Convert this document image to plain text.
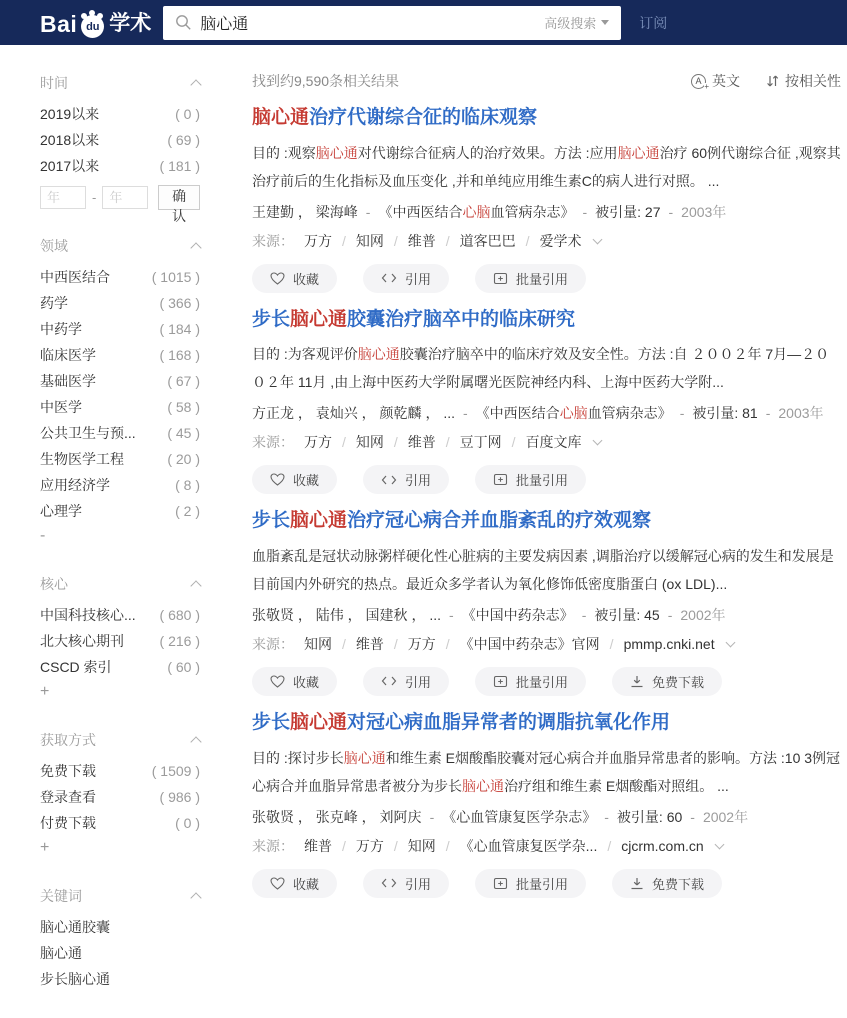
Bai du 学术
脑心通	高级搜索	订阅
时间
2019以来	( 0 )
2018以来	( 69 )
2017以来	( 181 )
年
-
年	确认
领域
中西医结合	( 1015 )
药学	( 366 )
中药学	( 184 )
临床医学	( 168 )
基础医学	( 67 )
中医学	( 58 )
公共卫生与预... ( 45 )
生物医学工程	( 20 )
应用经济学	( 8 )
心理学	( 2 )
-
核心
中国科技核心... ( 680 )
北大核心期刊	( 216 )
CSCD 索引	( 60 )
+
获取方式
免费下载	( 1509 )
登录查看	( 986 )
付费下载	( 0 )
+
关键词
脑心通胶囊
脑心通
步长脑心通
找到约9,590条相关结果	A + 英文	按相关性
脑心通治疗代谢综合征的临床观察
目的 :观察脑心通对代谢综合征病人的治疗效果。方法 :应用脑心通治疗 60例代谢综合征 ,观察其治疗前后的生化指标及血压变化 ,并和单纯应用维生素C的病人进行对照。 ...
王建勤 ， 梁海峰 - 《中西医结合心脑血管病杂志》 - 被引量: 27 - 2003年
来源： 万方 /	知网 /	维普 /	道客巴巴 /	爱学术
收藏	引用	批量引用
步长脑心通胶囊治疗脑卒中的临床研究
目的 :为客观评价脑心通胶囊治疗脑卒中的临床疗效及安全性。方法 :自 ２００２年 7月—２００２年 11月 ,由上海中医药大学附属曙光医院神经内科、上海中医药大学附...
方正龙 ， 袁灿兴 ， 颜乾麟 ， ... - 《中西医结合心脑血管病杂志》 - 被引量: 81 - 2003年
来源： 万方 /	知网 /	维普 /	豆丁网 /	百度文库
收藏	引用	批量引用
步长脑心通治疗冠心病合并血脂紊乱的疗效观察
血脂紊乱是冠状动脉粥样硬化性心脏病的主要发病因素 ,调脂治疗以缓解冠心病的发生和发展是目前国内外研究的热点。最近众多学者认为氧化修饰低密度脂蛋白 (ox LDL)...
张敬贤 ， 陆伟 ， 国建秋 ， ... - 《中国中药杂志》 - 被引量: 45 - 2002年
来源： 知网 /	维普 /	万方 /	《中国中药杂志》官网 /	pmmp.cnki.net
收藏	引用	批量引用	免费下载
步长脑心通对冠心病血脂异常者的调脂抗氧化作用
目的 :探讨步长脑心通和维生素 E烟酸酯胶囊对冠心病合并血脂异常患者的影响。方法 :10 3例冠心病合并血脂异常患者被分为步长脑心通治疗组和维生素 E烟酸酯对照组。 ...
张敬贤 ， 张克峰 ， 刘阿庆 - 《心血管康复医学杂志》 - 被引量: 60 - 2002年
来源： 维普 /	万方 /	知网 /	《心血管康复医学杂... /	cjcrm.com.cn
收藏	引用	批量引用	免费下载
